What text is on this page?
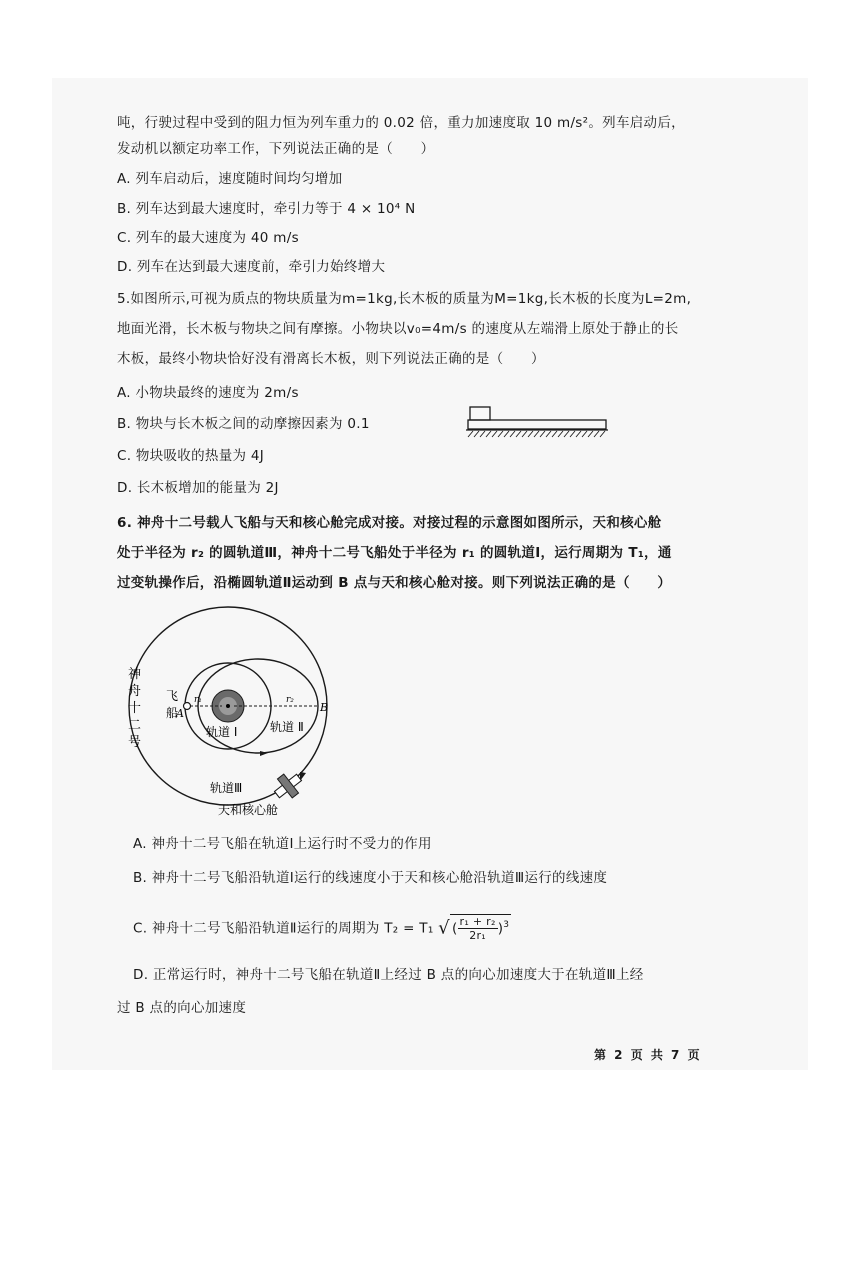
吨，行驶过程中受到的阻力恒为列车重力的 0.02 倍，重力加速度取 10 m/s²。列车启动后，
发动机以额定功率工作，下列说法正确的是（　　）
A. 列车启动后，速度随时间均匀增加
B. 列车达到最大速度时，牵引力等于 4 × 10⁴ N
C. 列车的最大速度为 40 m/s
D. 列车在达到最大速度前，牵引力始终增大
5.如图所示,可视为质点的物块质量为m=1kg,长木板的质量为M=1kg,长木板的长度为L=2m,
地面光滑，长木板与物块之间有摩擦。小物块以v₀=4m/s 的速度从左端滑上原处于静止的长
木板，最终小物块恰好没有滑离长木板，则下列说法正确的是（　　）
A. 小物块最终的速度为 2m/s
B. 物块与长木板之间的动摩擦因素为 0.1
C. 物块吸收的热量为 4J
D. 长木板增加的能量为 2J
6. 神舟十二号载人飞船与天和核心舱完成对接。对接过程的示意图如图所示，天和核心舱
处于半径为 r₂ 的圆轨道Ⅲ，神舟十二号飞船处于半径为 r₁ 的圆轨道Ⅰ，运行周期为 T₁，通
过变轨操作后，沿椭圆轨道Ⅱ运动到 B 点与天和核心舱对接。则下列说法正确的是（　　）
神舟十二号
飞船
A	B
r₁	r₂
轨道 Ⅰ	轨道 Ⅱ
轨道Ⅲ
天和核心舱
A. 神舟十二号飞船在轨道Ⅰ上运行时不受力的作用
B. 神舟十二号飞船沿轨道Ⅰ运行的线速度小于天和核心舱沿轨道Ⅲ运行的线速度
C. 神舟十二号飞船沿轨道Ⅱ运行的周期为 T₂ = T₁ √ ( $\frac{\text{r₁ + r₂}}{\text{2r₁}} )^3$
D. 正常运行时，神舟十二号飞船在轨道Ⅱ上经过 B 点的向心加速度大于在轨道Ⅲ上经
过 B 点的向心加速度
第 2 页 共 7 页
